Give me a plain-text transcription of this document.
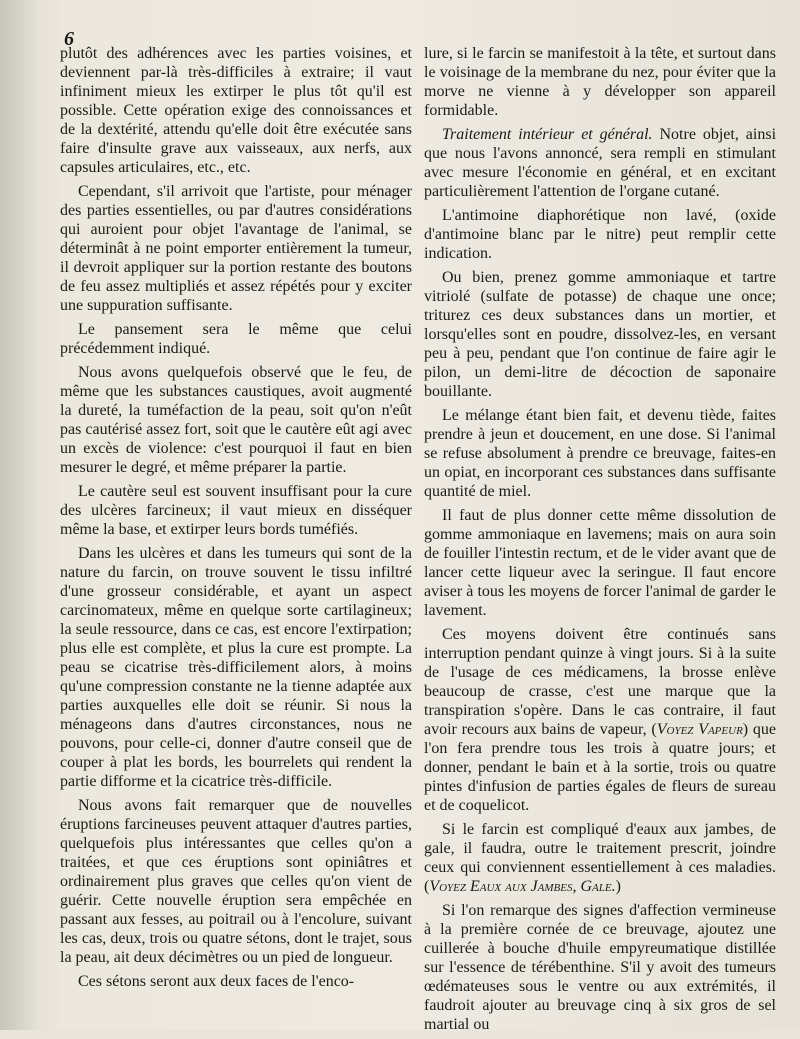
6

plutôt des adhérences avec les parties voisines, et deviennent par-là très-difficiles à extraire; il vaut infiniment mieux les extirper le plus tôt qu'il est possible. Cette opération exige des connoissances et de la dextérité, attendu qu'elle doit être exécutée sans faire d'insulte grave aux vaisseaux, aux nerfs, aux capsules articulaires, etc., etc.

Cependant, s'il arrivoit que l'artiste, pour ménager des parties essentielles, ou par d'autres considérations qui auroient pour objet l'avantage de l'animal, se déterminât à ne point emporter entièrement la tumeur, il devroit appliquer sur la portion restante des boutons de feu assez multipliés et assez répétés pour y exciter une suppuration suffisante.

Le pansement sera le même que celui précédemment indiqué.

Nous avons quelquefois observé que le feu, de même que les substances caustiques, avoit augmenté la dureté, la tuméfaction de la peau, soit qu'on n'eût pas cautérisé assez fort, soit que le cautère eût agi avec un excès de violence: c'est pourquoi il faut en bien mesurer le degré, et même préparer la partie.

Le cautère seul est souvent insuffisant pour la cure des ulcères farcineux; il vaut mieux en disséquer même la base, et extirper leurs bords tuméfiés.

Dans les ulcères et dans les tumeurs qui sont de la nature du farcin, on trouve souvent le tissu infiltré d'une grosseur considérable, et ayant un aspect carcinomateux, même en quelque sorte cartilagineux; la seule ressource, dans ce cas, est encore l'extirpation; plus elle est complète, et plus la cure est prompte. La peau se cicatrise très-difficilement alors, à moins qu'une compression constante ne la tienne adaptée aux parties auxquelles elle doit se réunir. Si nous la ménageons dans d'autres circonstances, nous ne pouvons, pour celle-ci, donner d'autre conseil que de couper à plat les bords, les bourrelets qui rendent la partie difforme et la cicatrice très-difficile.

Nous avons fait remarquer que de nouvelles éruptions farcineuses peuvent attaquer d'autres parties, quelquefois plus intéressantes que celles qu'on a traitées, et que ces éruptions sont opiniâtres et ordinairement plus graves que celles qu'on vient de guérir. Cette nouvelle éruption sera empêchée en passant aux fesses, au poitrail ou à l'encolure, suivant les cas, deux, trois ou quatre sétons, dont le trajet, sous la peau, ait deux décimètres ou un pied de longueur.

Ces sétons seront aux deux faces de l'enco-

lure, si le farcin se manifestoit à la tête, et surtout dans le voisinage de la membrane du nez, pour éviter que la morve ne vienne à y développer son appareil formidable.

Traitement intérieur et général. Notre objet, ainsi que nous l'avons annoncé, sera rempli en stimulant avec mesure l'économie en général, et en excitant particulièrement l'attention de l'organe cutané.

L'antimoine diaphorétique non lavé, (oxide d'antimoine blanc par le nitre) peut remplir cette indication.

Ou bien, prenez gomme ammoniaque et tartre vitriolé (sulfate de potasse) de chaque une once; triturez ces deux substances dans un mortier, et lorsqu'elles sont en poudre, dissolvez-les, en versant peu à peu, pendant que l'on continue de faire agir le pilon, un demi-litre de décoction de saponaire bouillante.

Le mélange étant bien fait, et devenu tiède, faites prendre à jeun et doucement, en une dose. Si l'animal se refuse absolument à prendre ce breuvage, faites-en un opiat, en incorporant ces substances dans suffisante quantité de miel.

Il faut de plus donner cette même dissolution de gomme ammoniaque en lavemens; mais on aura soin de fouiller l'intestin rectum, et de le vider avant que de lancer cette liqueur avec la seringue. Il faut encore aviser à tous les moyens de forcer l'animal de garder le lavement.

Ces moyens doivent être continués sans interruption pendant quinze à vingt jours. Si à la suite de l'usage de ces médicamens, la brosse enlève beaucoup de crasse, c'est une marque que la transpiration s'opère. Dans le cas contraire, il faut avoir recours aux bains de vapeur, (Voyez Vapeur) que l'on fera prendre tous les trois à quatre jours; et donner, pendant le bain et à la sortie, trois ou quatre pintes d'infusion de parties égales de fleurs de sureau et de coquelicot.

Si le farcin est compliqué d'eaux aux jambes, de gale, il faudra, outre le traitement prescrit, joindre ceux qui conviennent essentiellement à ces maladies. (Voyez Eaux aux Jambes, Gale.)

Si l'on remarque des signes d'affection vermineuse à la première cornée de ce breuvage, ajoutez une cuillerée à bouche d'huile empyreumatique distillée sur l'essence de térébenthine. S'il y avoit des tumeurs œdémateuses sous le ventre ou aux extrémités, il faudroit ajouter au breuvage cinq à six gros de sel martial ou
